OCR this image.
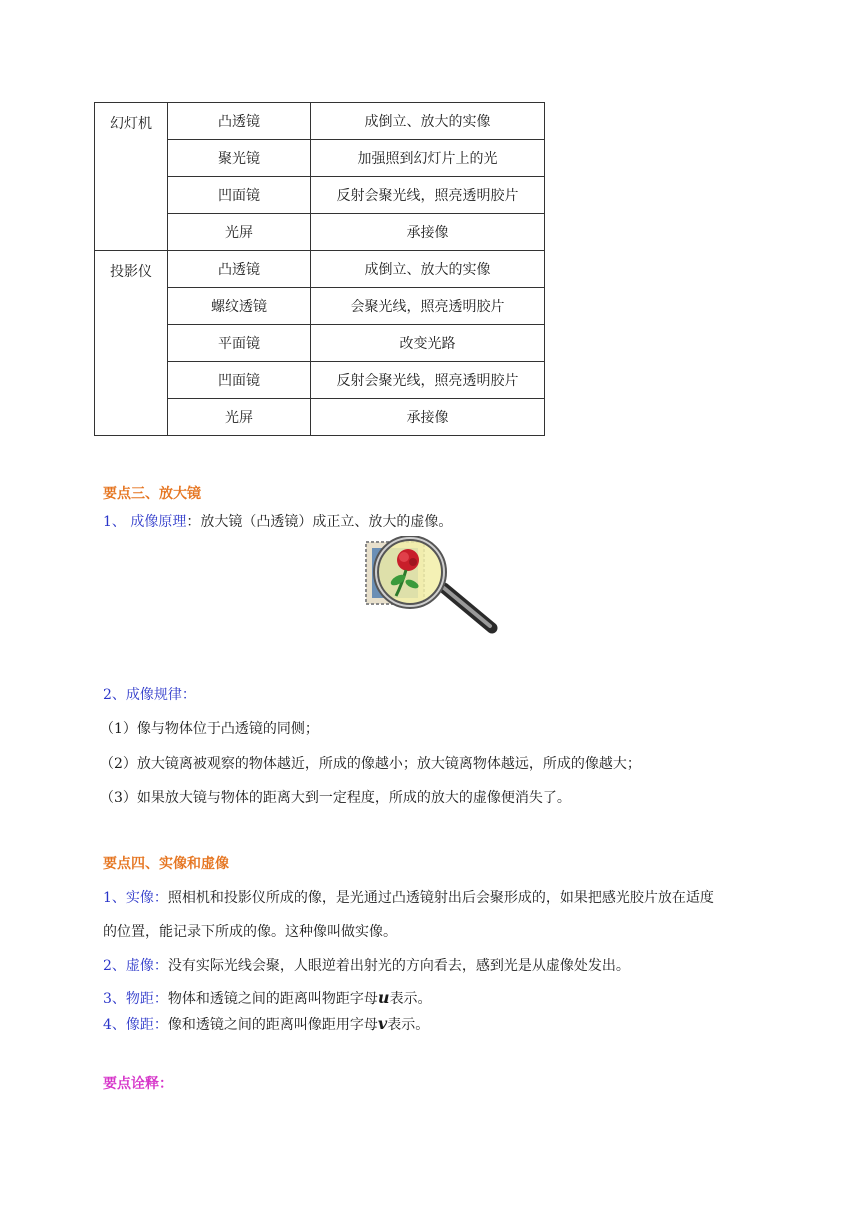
幻灯机	凸透镜	成倒立、放大的实像
	聚光镜	加强照到幻灯片上的光
	凹面镜	反射会聚光线，照亮透明胶片
	光屏	承接像
投影仪	凸透镜	成倒立、放大的实像
	螺纹透镜	会聚光线，照亮透明胶片
	平面镜	改变光路
	凹面镜	反射会聚光线，照亮透明胶片
	光屏	承接像
要点三、放大镜
1、 成像原理：放大镜（凸透镜）成正立、放大的虚像。
2、成像规律：
（1）像与物体位于凸透镜的同侧；
（2）放大镜离被观察的物体越近，所成的像越小；放大镜离物体越远，所成的像越大；
（3）如果放大镜与物体的距离大到一定程度，所成的放大的虚像便消失了。
要点四、实像和虚像
1、实像：照相机和投影仪所成的像，是光通过凸透镜射出后会聚形成的，如果把感光胶片放在适度
的位置，能记录下所成的像。这种像叫做实像。
2、虚像：没有实际光线会聚，人眼逆着出射光的方向看去，感到光是从虚像处发出。
3、物距：物体和透镜之间的距离叫物距字母u表示。
4、像距：像和透镜之间的距离叫像距用字母v表示。
要点诠释：
